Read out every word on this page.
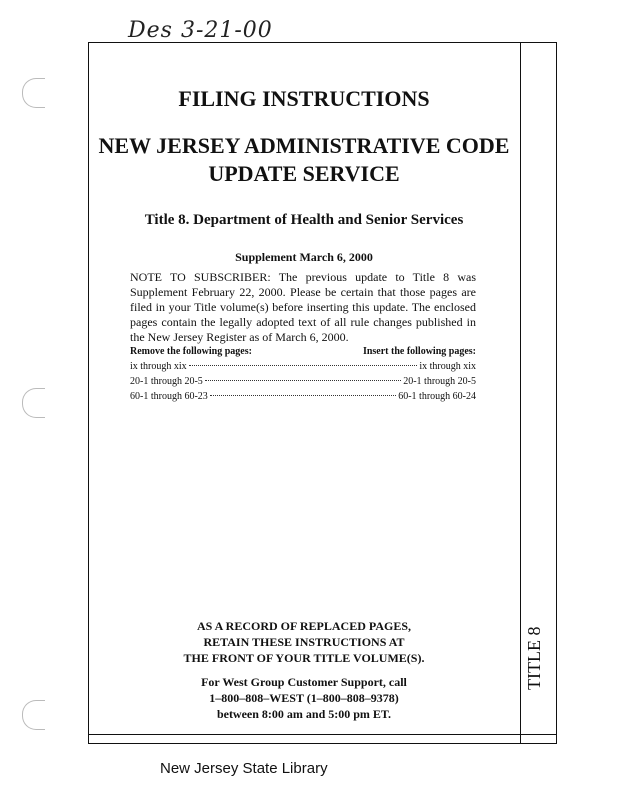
Des 3-21-00
FILING INSTRUCTIONS
NEW JERSEY ADMINISTRATIVE CODE
UPDATE SERVICE
Title 8. Department of Health and Senior Services
Supplement March 6, 2000
NOTE TO SUBSCRIBER: The previous update to Title 8 was Supplement February 22, 2000. Please be certain that those pages are filed in your Title volume(s) before inserting this update. The enclosed pages contain the legally adopted text of all rule changes published in the New Jersey Register as of March 6, 2000.
Remove the following pages:	Insert the following pages:
ix through xix	ix through xix
20-1 through 20-5	20-1 through 20-5
60-1 through 60-23	60-1 through 60-24
AS A RECORD OF REPLACED PAGES,
RETAIN THESE INSTRUCTIONS AT
THE FRONT OF YOUR TITLE VOLUME(S).
For West Group Customer Support, call
1–800–808–WEST (1–800–808–9378)
between 8:00 am and 5:00 pm ET.
TITLE 8
New Jersey State Library
